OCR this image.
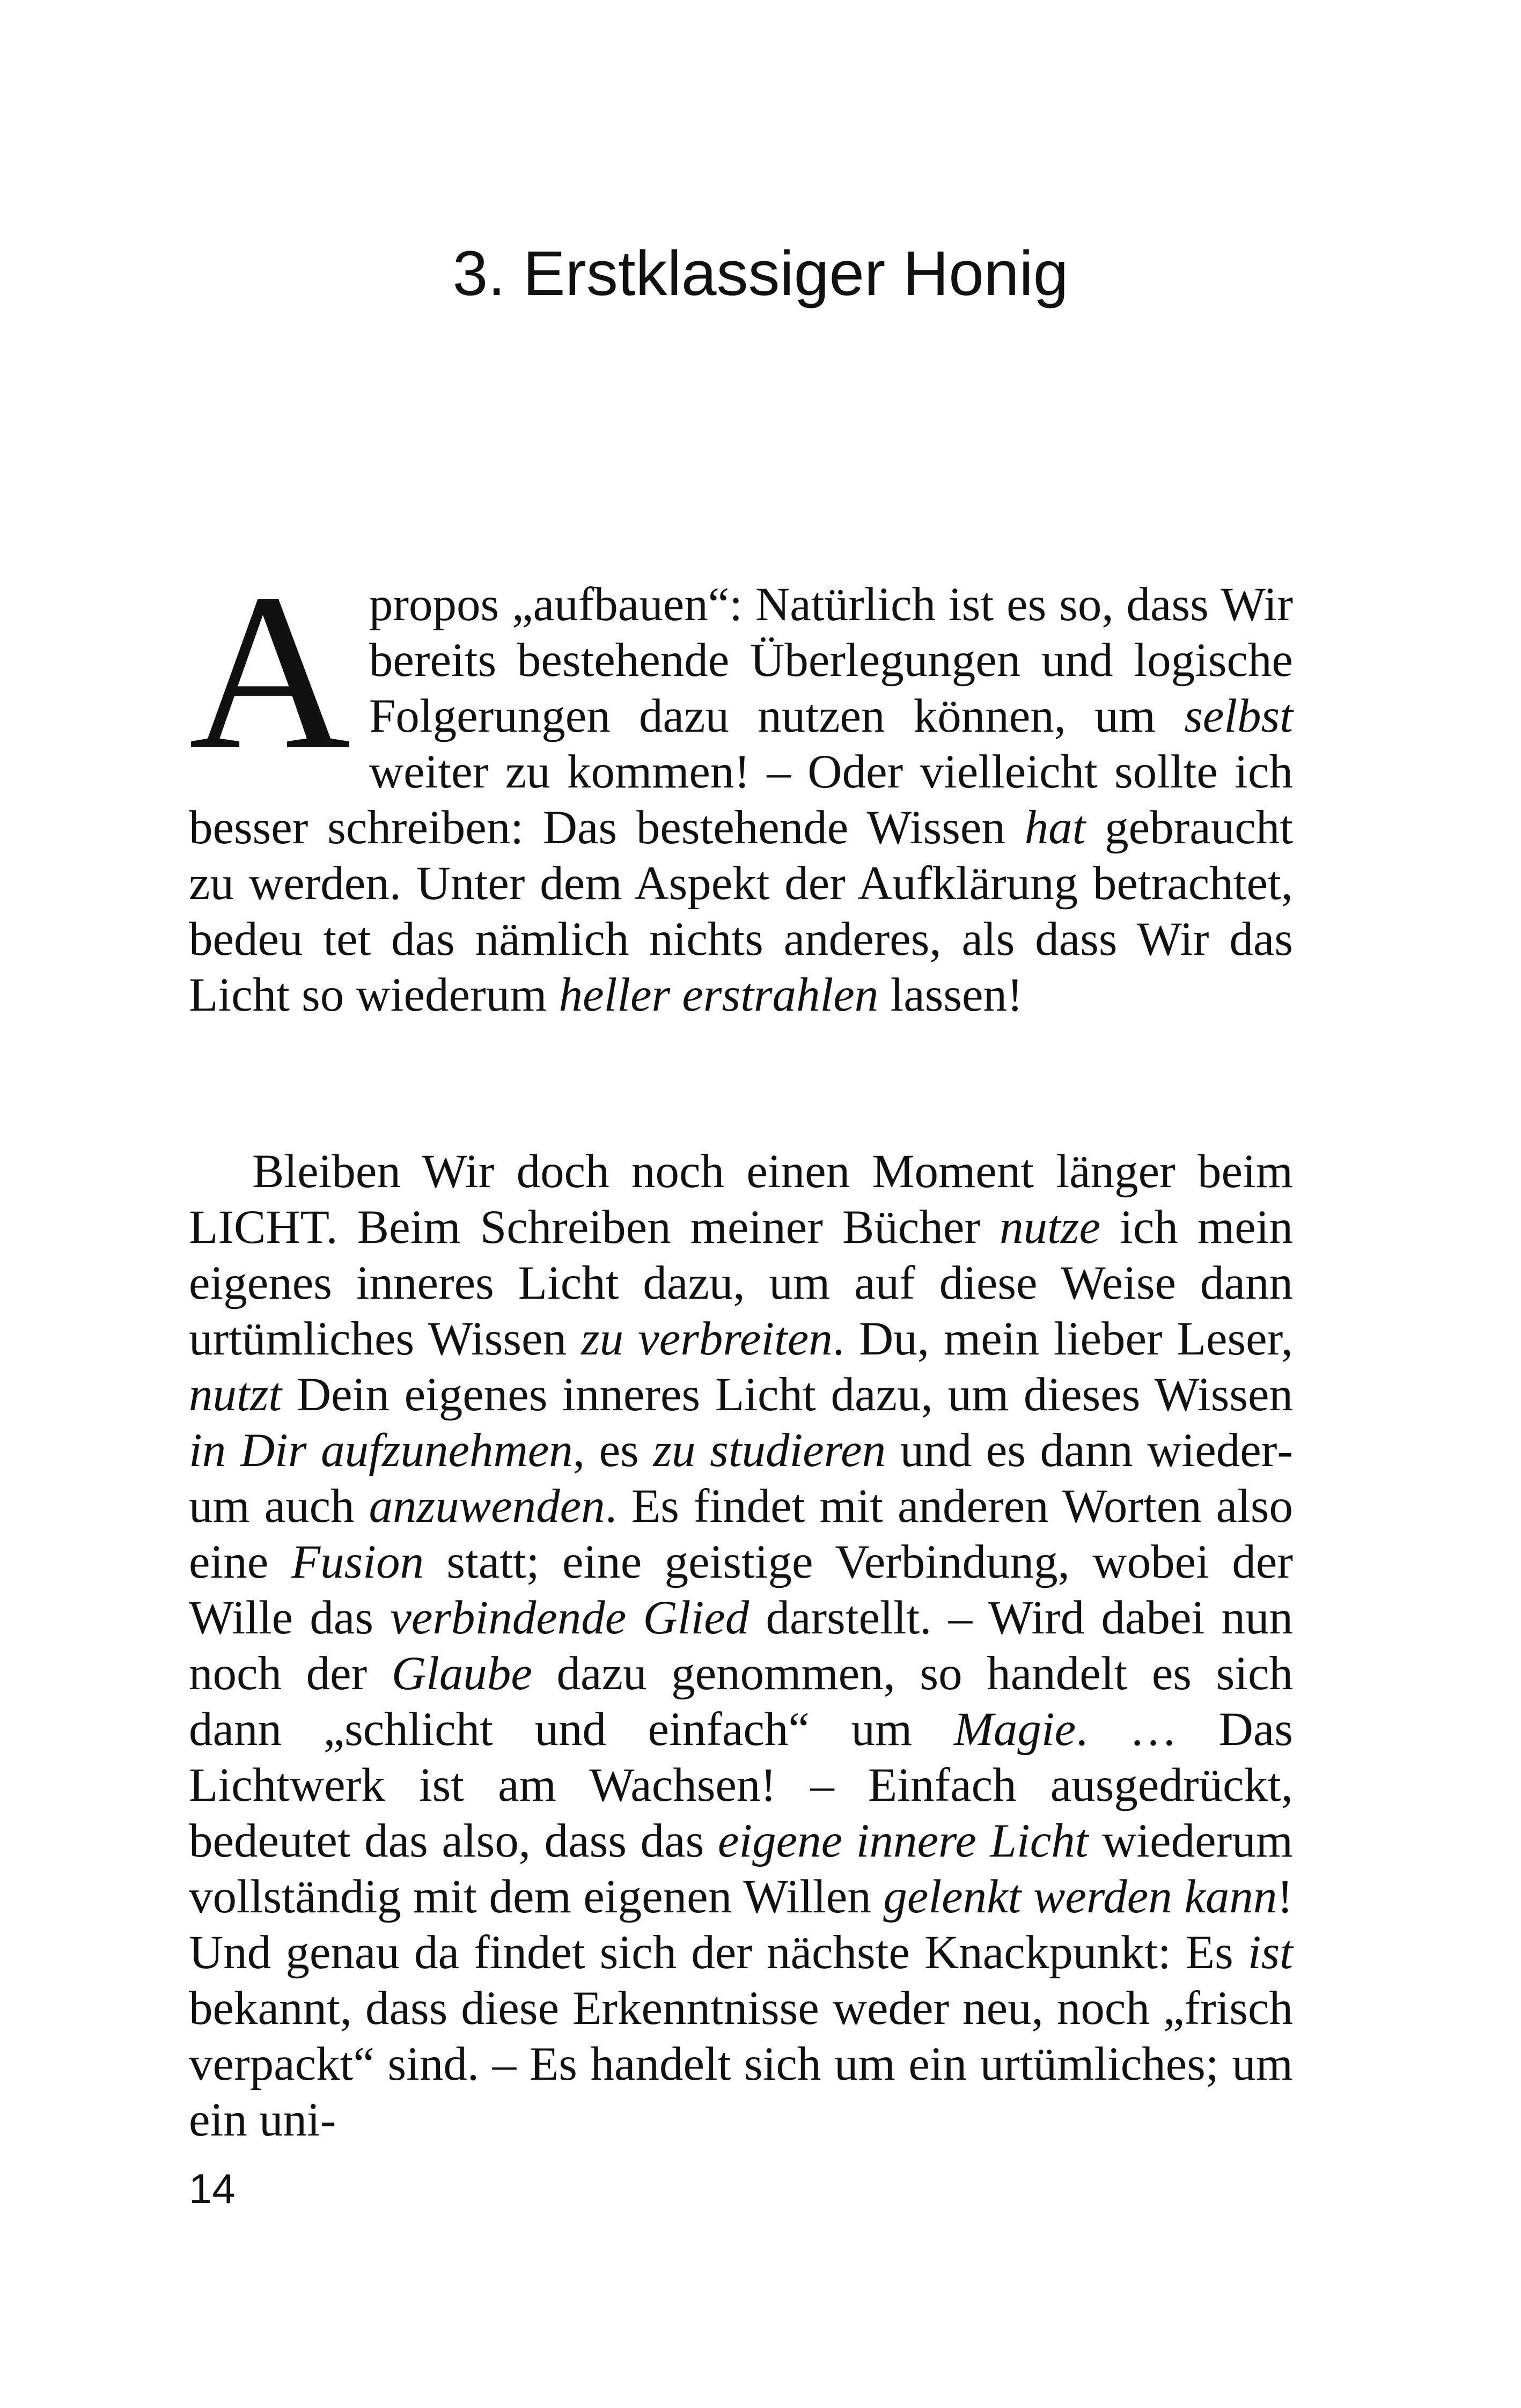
3. Erstklassiger Honig
A propos „aufbauen“: Natürlich ist es so, dass Wir bereits bestehende Überlegungen und logische Folgerungen dazu nutzen können, um selbst weiter zu kommen! – Oder vielleicht sollte ich besser schreiben: Das bestehende Wissen hat gebraucht zu werden. Unter dem Aspekt der Aufklärung betrachtet, bedeu tet das nämlich nichts anderes, als dass Wir das Licht so wiederum heller erstrahlen lassen!

Bleiben Wir doch noch einen Moment länger beim LICHT. Beim Schreiben meiner Bücher nutze ich mein eigenes inneres Licht dazu, um auf diese Weise dann urtümliches Wissen zu verbreiten. Du, mein lieber Leser, nutzt Dein eigenes inneres Licht dazu, um dieses Wissen in Dir aufzunehmen, es zu studieren und es dann wiederum auch anzuwenden. Es findet mit anderen Worten also eine Fusion statt; eine geistige Verbindung, wobei der Wille das verbindende Glied darstellt. – Wird dabei nun noch der Glaube dazu genommen, so handelt es sich dann „schlicht und einfach“ um Magie. … Das Lichtwerk ist am Wachsen! – Einfach ausgedrückt, bedeutet das also, dass das eigene innere Licht wiederum vollständig mit dem eigenen Willen gelenkt werden kann! Und genau da findet sich der nächste Knackpunkt: Es ist bekannt, dass diese Erkenntnisse weder neu, noch „frisch verpackt“ sind. – Es handelt sich um ein urtümliches; um ein uni-

14
